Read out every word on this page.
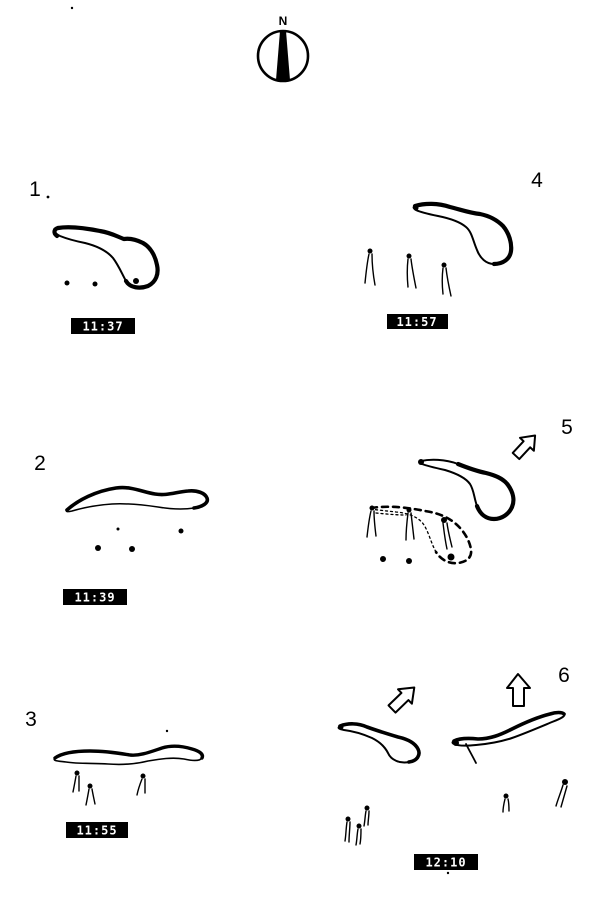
N
1
11:37
2
11:39
3
11:55
4
11:57
5
6
12:10
